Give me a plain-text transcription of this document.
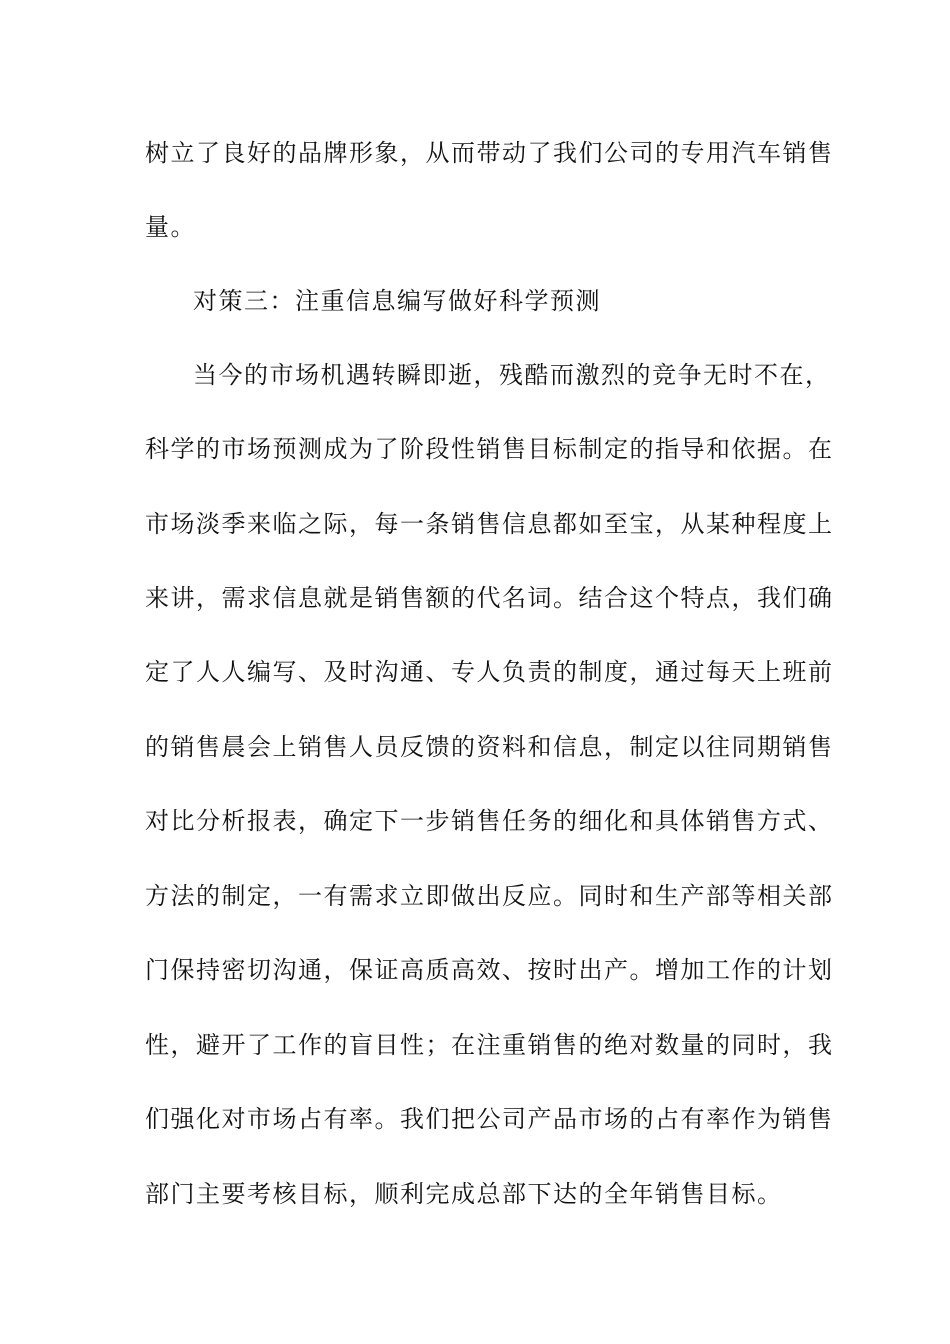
树立了良好的品牌形象，从而带动了我们公司的专用汽车销售
量。
对策三：注重信息编写做好科学预测
当今的市场机遇转瞬即逝，残酷而激烈的竞争无时不在，
科学的市场预测成为了阶段性销售目标制定的指导和依据。在
市场淡季来临之际，每一条销售信息都如至宝，从某种程度上
来讲，需求信息就是销售额的代名词。结合这个特点，我们确
定了人人编写、及时沟通、专人负责的制度，通过每天上班前
的销售晨会上销售人员反馈的资料和信息，制定以往同期销售
对比分析报表，确定下一步销售任务的细化和具体销售方式、
方法的制定，一有需求立即做出反应。同时和生产部等相关部
门保持密切沟通，保证高质高效、按时出产。增加工作的计划
性，避开了工作的盲目性；在注重销售的绝对数量的同时，我
们强化对市场占有率。我们把公司产品市场的占有率作为销售
部门主要考核目标，顺利完成总部下达的全年销售目标。
